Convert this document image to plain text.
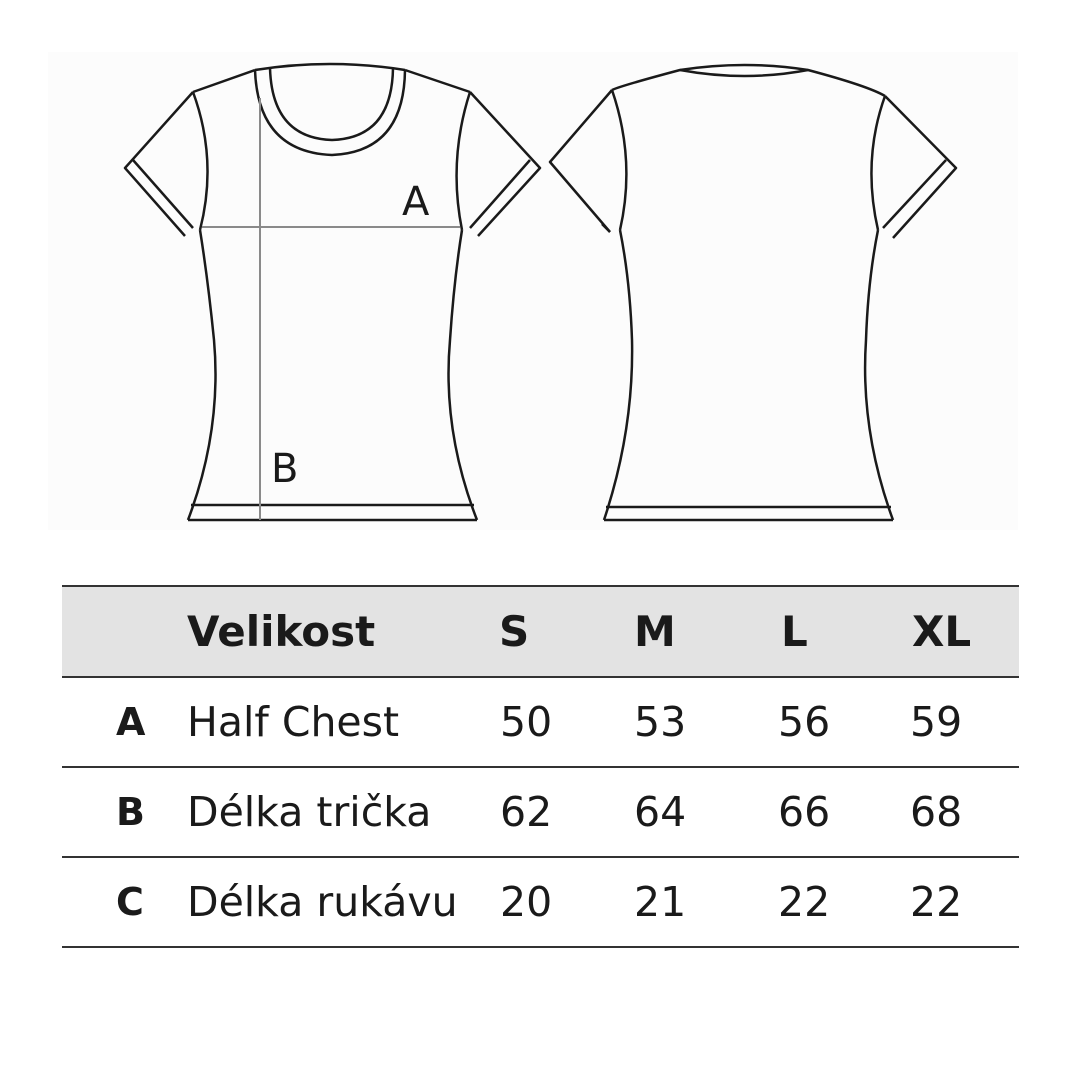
A
B
Velikost	S M	L XL
A Half Chest 50 53 56 59
B Délka trička 62 64 66 68
C Délka rukávu 20 21 22 22
